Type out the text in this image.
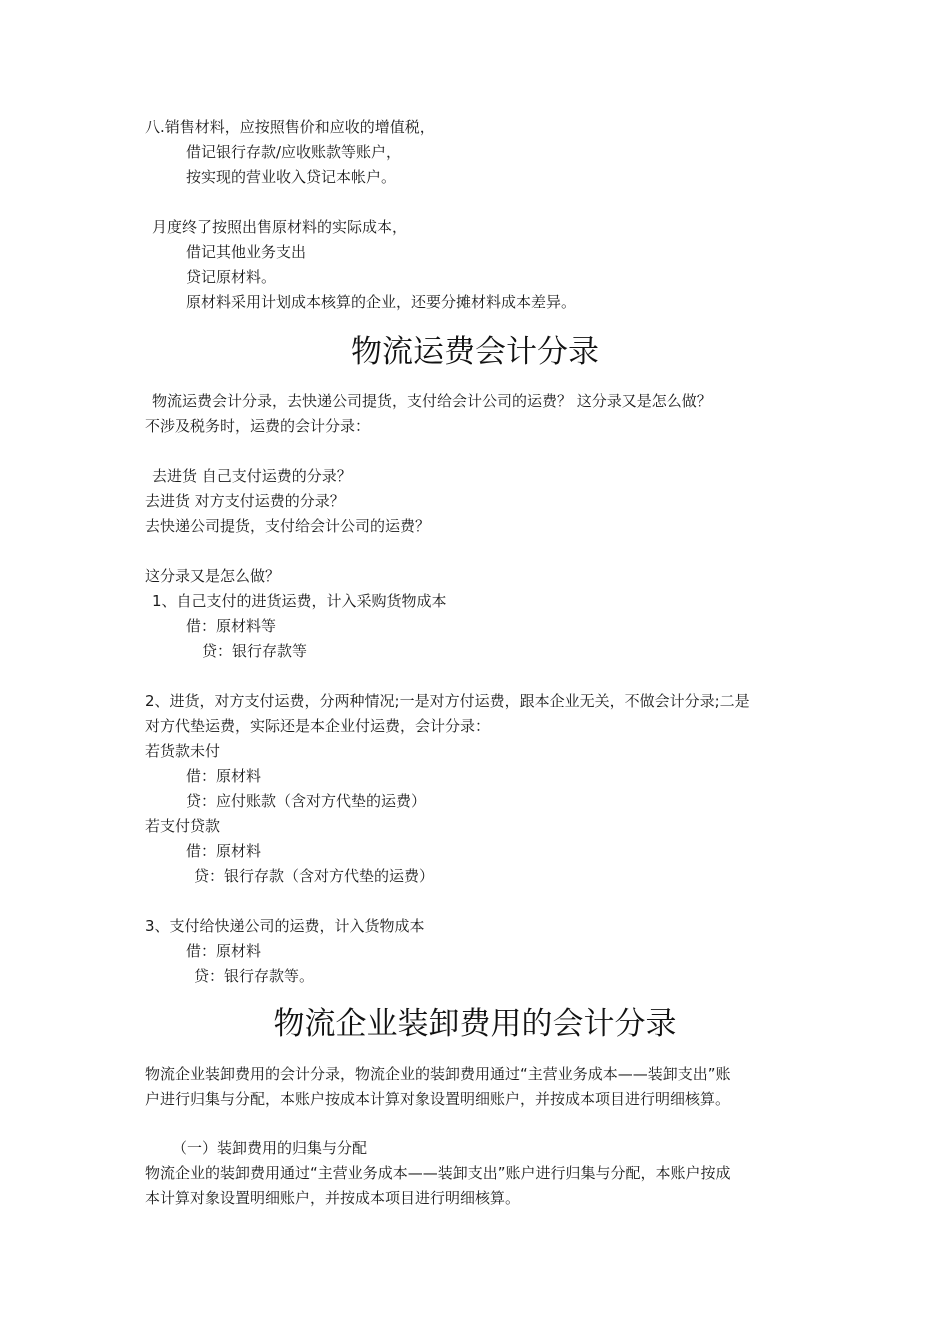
八.销售材料，应按照售价和应收的增值税，
借记银行存款/应收账款等账户，
按实现的营业收入贷记本帐户。
月度终了按照出售原材料的实际成本，
借记其他业务支出
贷记原材料。
原材料采用计划成本核算的企业，还要分摊材料成本差异。
物流运费会计分录
物流运费会计分录，去快递公司提货，支付给会计公司的运费？ 这分录又是怎么做？
不涉及税务时，运费的会计分录：
去进货 自己支付运费的分录？
去进货 对方支付运费的分录？
去快递公司提货，支付给会计公司的运费？
这分录又是怎么做？
1、自己支付的进货运费，计入采购货物成本
借：原材料等
贷：银行存款等
2、进货，对方支付运费，分两种情况;一是对方付运费，跟本企业无关，不做会计分录;二是
对方代垫运费，实际还是本企业付运费，会计分录：
若货款未付
借：原材料
贷：应付账款（含对方代垫的运费）
若支付贷款
借：原材料
贷：银行存款（含对方代垫的运费）
3、支付给快递公司的运费，计入货物成本
借：原材料
贷：银行存款等。
物流企业装卸费用的会计分录
物流企业装卸费用的会计分录，物流企业的装卸费用通过“主营业务成本——装卸支出”账
户进行归集与分配，本账户按成本计算对象设置明细账户，并按成本项目进行明细核算。
（一）装卸费用的归集与分配
物流企业的装卸费用通过“主营业务成本——装卸支出”账户进行归集与分配，本账户按成
本计算对象设置明细账户，并按成本项目进行明细核算。
